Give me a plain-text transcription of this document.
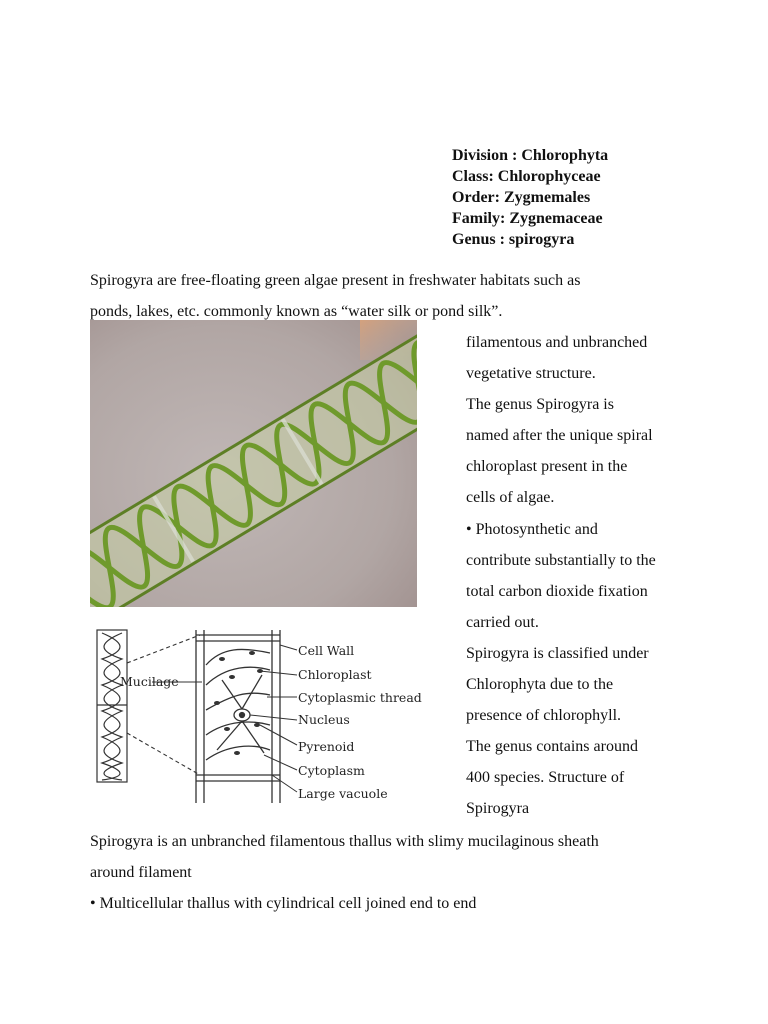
Division : Chlorophyta
Class: Chlorophyceae
Order: Zygmemales
Family: Zygnemaceae
Genus : spirogyra
Spirogyra are free-floating green algae present in freshwater habitats such as
ponds, lakes, etc. commonly known as “water silk or pond silk”.
Mucilage
Cell Wall
Chloroplast
Cytoplasmic thread
Nucleus
Pyrenoid
Cytoplasm
Large vacuole
filamentous and unbranched
vegetative structure.
The genus Spirogyra is
named after the unique spiral
chloroplast present in the
cells of algae.
• Photosynthetic and
contribute substantially to the
total carbon dioxide fixation
carried out.
Spirogyra is classified under
Chlorophyta due to the
presence of chlorophyll.
The genus contains around
400 species. Structure of
Spirogyra
Spirogyra is an unbranched filamentous thallus with slimy mucilaginous sheath
around filament
• Multicellular thallus with cylindrical cell joined end to end
